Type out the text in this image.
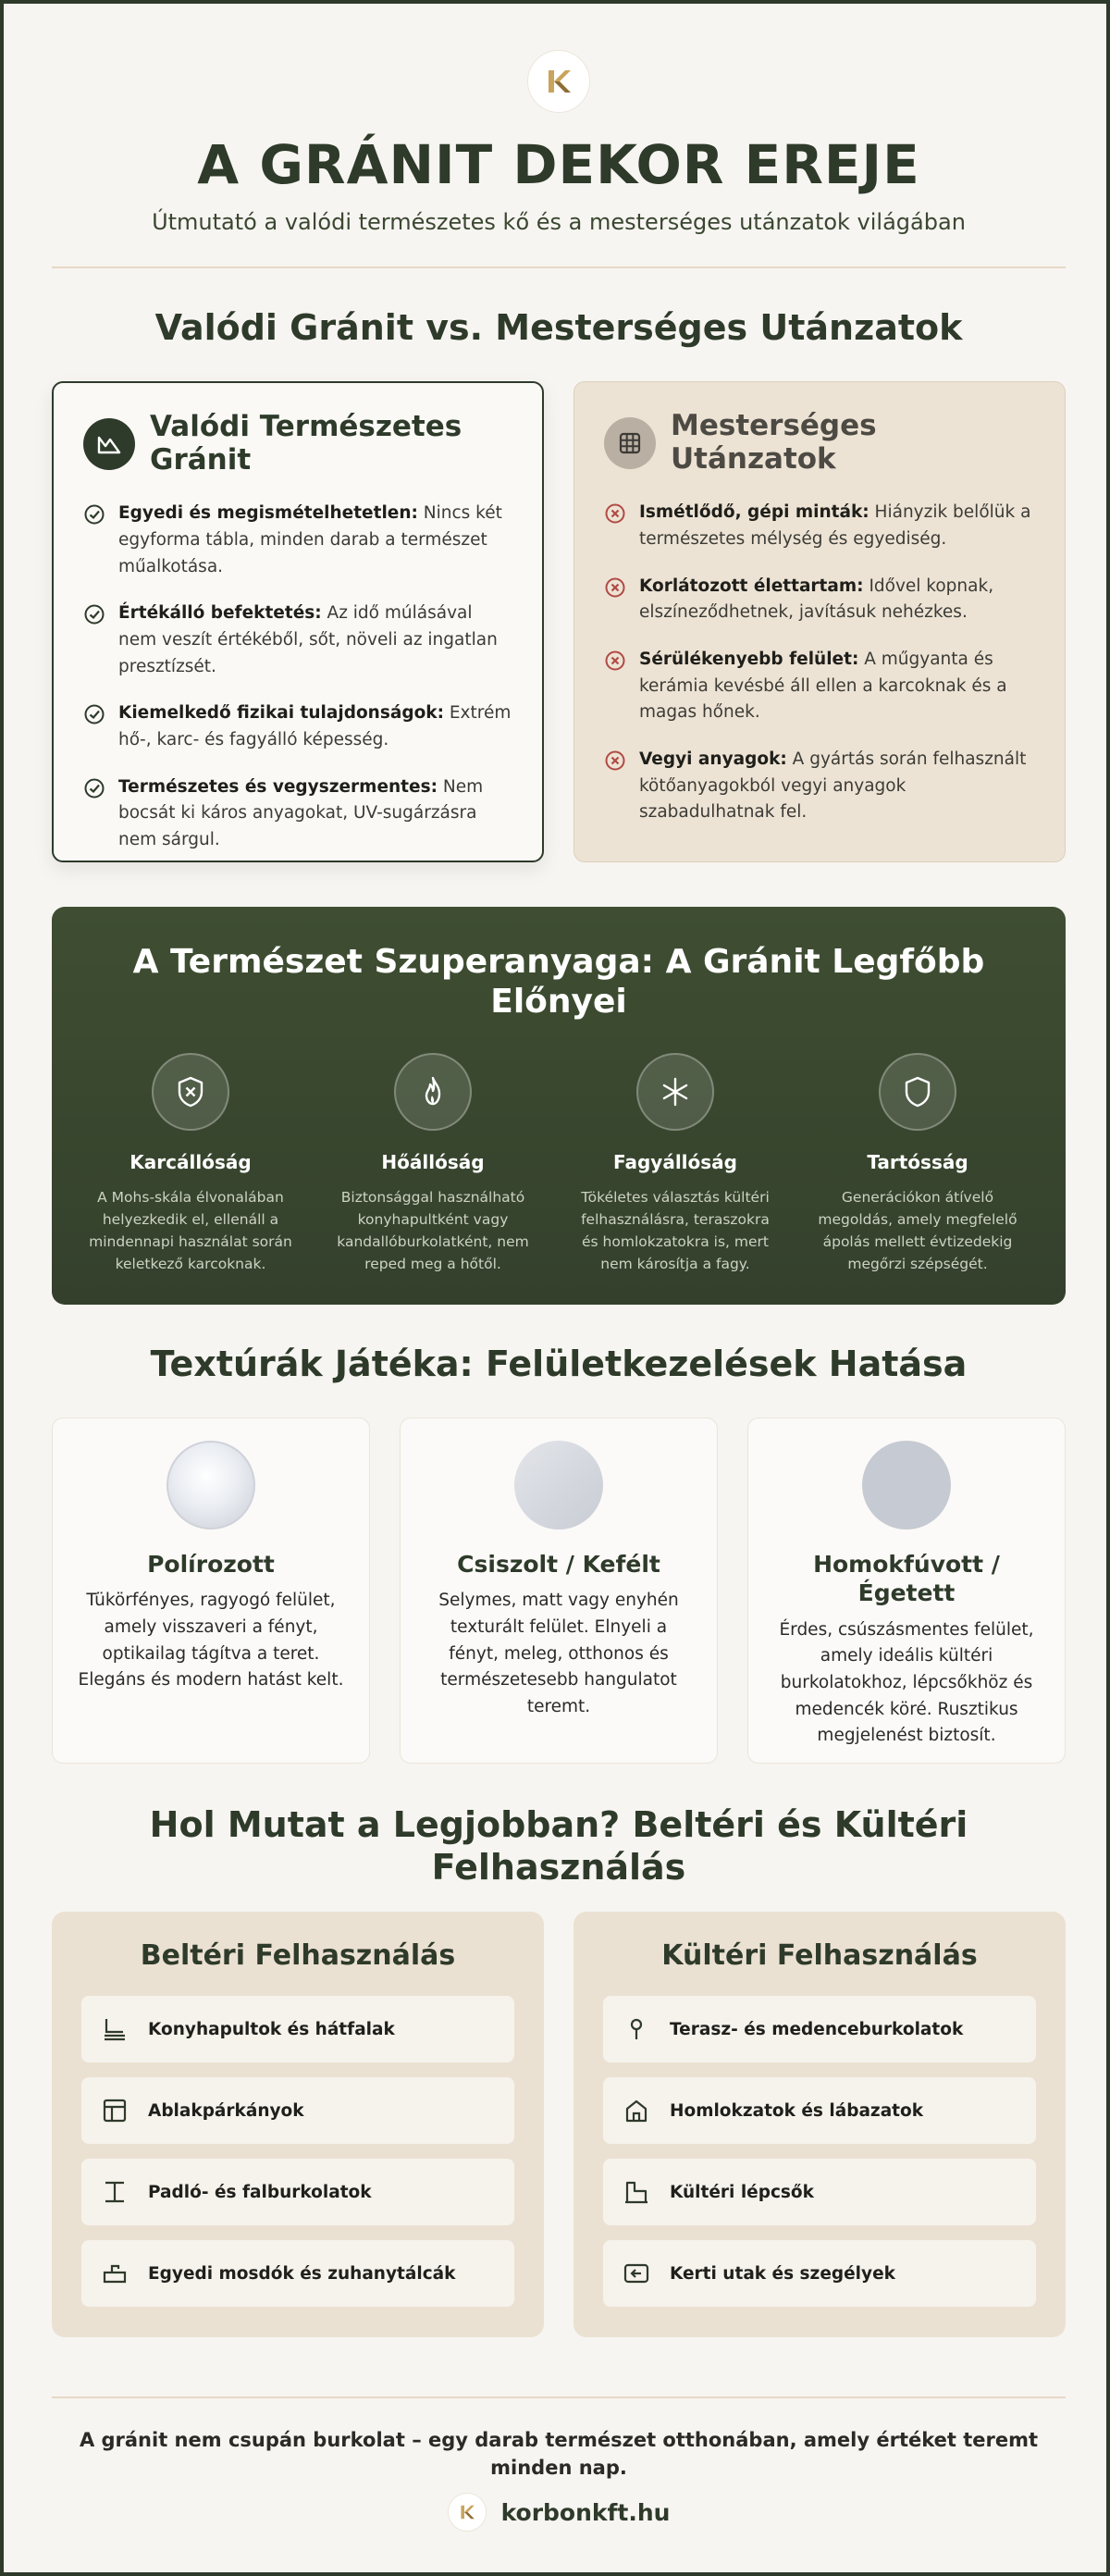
A GRÁNIT DEKOR EREJE
Útmutató a valódi természetes kő és a mesterséges utánzatok világában
Valódi Gránit vs. Mesterséges Utánzatok
Valódi Természetes Gránit
Egyedi és megismételhetetlen: Nincs két egyforma tábla, minden darab a természet műalkotása.
Értékálló befektetés: Az idő múlásával nem veszít értékéből, sőt, növeli az ingatlan presztízsét.
Kiemelkedő fizikai tulajdonságok: Extrém hő-, karc- és fagyálló képesség.
Természetes és vegyszermentes: Nem bocsát ki káros anyagokat, UV-sugárzásra nem sárgul.
Mesterséges Utánzatok
Ismétlődő, gépi minták: Hiányzik belőlük a természetes mélység és egyediség.
Korlátozott élettartam: Idővel kopnak, elszíneződhetnek, javításuk nehézkes.
Sérülékenyebb felület: A műgyanta és kerámia kevésbé áll ellen a karcoknak és a magas hőnek.
Vegyi anyagok: A gyártás során felhasznált kötőanyagokból vegyi anyagok szabadulhatnak fel.
A Természet Szuperanyaga: A Gránit Legfőbb Előnyei
Karcállóság
A Mohs-skála élvonalában helyezkedik el, ellenáll a mindennapi használat során keletkező karcoknak.
Hőállóság
Biztonsággal használható konyhapultként vagy kandallóburkolatként, nem reped meg a hőtől.
Fagyállóság
Tökéletes választás kültéri felhasználásra, teraszokra és homlokzatokra is, mert nem károsítja a fagy.
Tartósság
Generációkon átívelő megoldás, amely megfelelő ápolás mellett évtizedekig megőrzi szépségét.
Textúrák Játéka: Felületkezelések Hatása
Polírozott
Tükörfényes, ragyogó felület, amely visszaveri a fényt, optikailag tágítva a teret. Elegáns és modern hatást kelt.
Csiszolt / Kefélt
Selymes, matt vagy enyhén texturált felület. Elnyeli a fényt, meleg, otthonos és természetesebb hangulatot teremt.
Homokfúvott / Égetett
Érdes, csúszásmentes felület, amely ideális kültéri burkolatokhoz, lépcsőkhöz és medencék köré. Rusztikus megjelenést biztosít.
Hol Mutat a Legjobban? Beltéri és Kültéri Felhasználás
Beltéri Felhasználás
Konyhapultok és hátfalak
Ablakpárkányok
Padló- és falburkolatok
Egyedi mosdók és zuhanytálcák
Kültéri Felhasználás
Terasz- és medenceburkolatok
Homlokzatok és lábazatok
Kültéri lépcsők
Kerti utak és szegélyek
A gránit nem csupán burkolat – egy darab természet otthonában, amely értéket teremt minden nap.
korbonkft.hu
